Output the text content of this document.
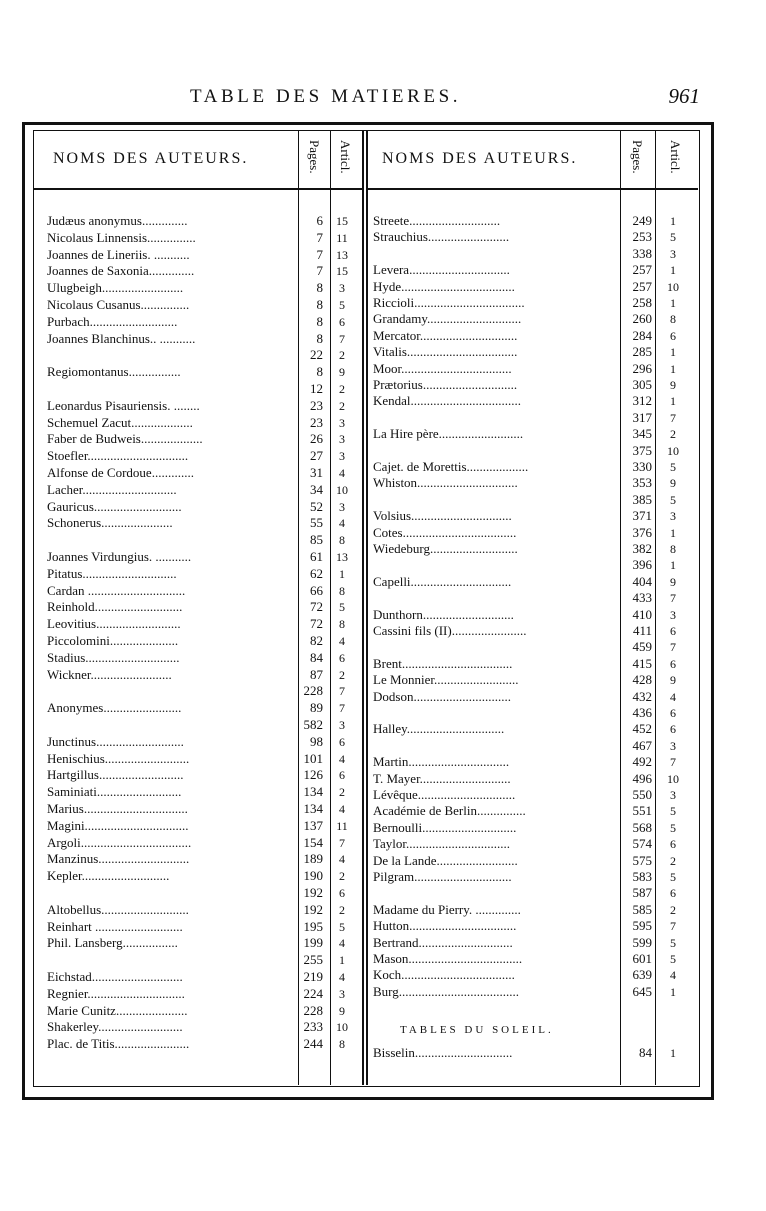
TABLE DES MATIERES.	961
NOMS DES AUTEURS.	Pages. Articl. NOMS DES AUTEURS.	Pages. Articl.
Judæus anonymus..............	6	15
Nicolaus Linnensis...............	7	11
Joannes de Lineriis. ...........	7	13
Joannes de Saxonia..............	7	15
Ulugbeigh.........................	8	3
Nicolaus Cusanus...............	8	5
Purbach...........................	8	6
Joannes Blanchinus.. ...........	8	7
22	2
Regiomontanus................	8	9
12	2
Leonardus Pisauriensis. ........	23	2
Schemuel Zacut...................	23	3
Faber de Budweis...................	26	3
Stoefler...............................	27	3
Alfonse de Cordoue.............	31	4
Lacher.............................	34	10
Gauricus...........................	52	3
Schonerus......................	55	4
85	8
Joannes Virdungius. ...........	61	13
Pitatus.............................	62	1
Cardan ..............................	66	8
Reinhold...........................	72	5
Leovitius..........................	72	8
Piccolomini.....................	82	4
Stadius.............................	84	6
Wickner.........................	87	2
228	7
Anonymes........................	89	7
582	3
Junctinus...........................	98	6
Henischius..........................	101	4
Hartgillus..........................	126	6
Saminiati..........................	134	2
Marius................................	134	4
Magini................................	137	11
Argoli..................................	154	7
Manzinus............................	189	4
Kepler...........................	190	2
192	6
Altobellus...........................	192	2
Reinhart ...........................	195	5
Phil. Lansberg.................	199	4
255	1
Eichstad............................	219	4
Regnier..............................	224	3
Marie Cunitz......................	228	9
Shakerley..........................	233	10
Plac. de Titis.......................	244	8
Streete............................	249	1
Strauchius.........................	253	5
338	3
Levera...............................	257	1
Hyde...................................	257	10
Riccioli..................................	258	1
Grandamy.............................	260	8
Mercator..............................	284	6
Vitalis..................................	285	1
Moor..................................	296	1
Prætorius.............................	305	9
Kendal..................................	312	1
317	7
La Hire père..........................	345	2
375	10
Cajet. de Morettis...................	330	5
Whiston...............................	353	9
385	5
Volsius...............................	371	3
Cotes...................................	376	1
Wiedeburg...........................	382	8
396	1
Capelli...............................	404	9
433	7
Dunthorn............................	410	3
Cassini fils (II).......................	411	6
459	7
Brent..................................	415	6
Le Monnier..........................	428	9
Dodson..............................	432	4
436	6
Halley..............................	452	6
467	3
Martin...............................	492	7
T. Mayer............................	496	10
Lévêque..............................	550	3
Académie de Berlin...............	551	5
Bernoulli.............................	568	5
Taylor................................	574	6
De la Lande.........................	575	2
Pilgram..............................	583	5
587	6
Madame du Pierry. ..............	585	2
Hutton.................................	595	7
Bertrand.............................	599	5
Mason...................................	601	5
Koch...................................	639	4
Burg.....................................	645	1
Bisselin..............................	84	1
TABLES DU SOLEIL.
